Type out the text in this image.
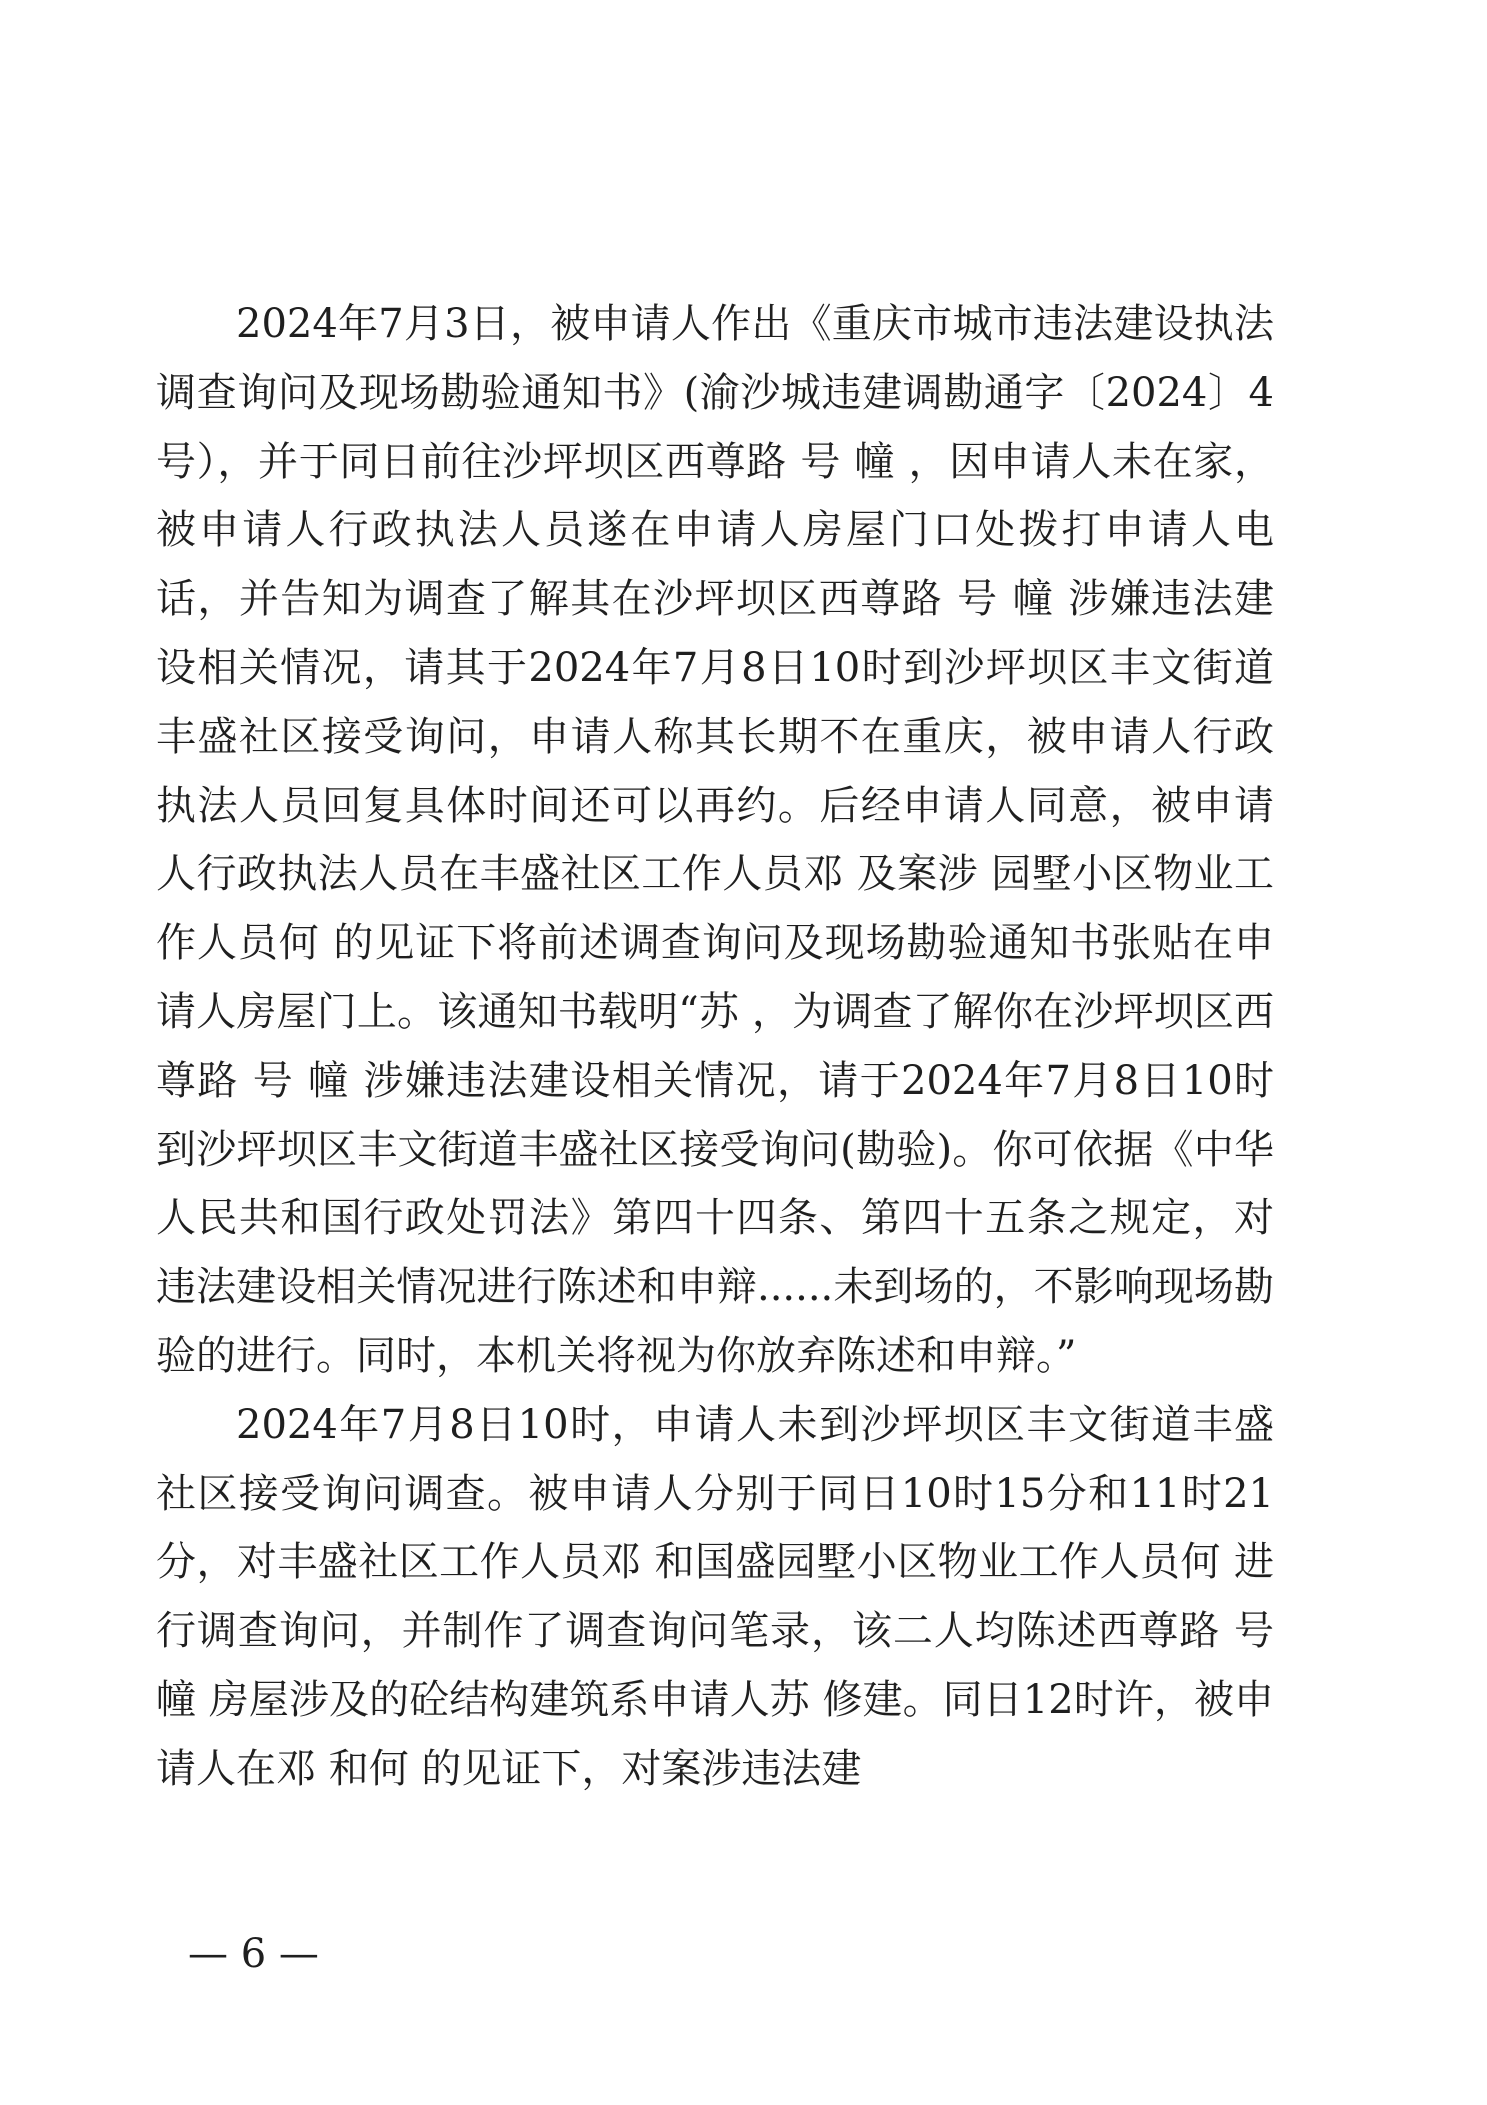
2024年7月3日，被申请人作出《重庆市城市违法建设执法调查询问及现场勘验通知书》(渝沙城违建调勘通字〔2024〕4号），并于同日前往沙坪坝区西尊路 号 幢 ，因申请人未在家，被申请人行政执法人员遂在申请人房屋门口处拨打申请人电话，并告知为调查了解其在沙坪坝区西尊路 号 幢 涉嫌违法建设相关情况，请其于2024年7月8日10时到沙坪坝区丰文街道丰盛社区接受询问，申请人称其长期不在重庆，被申请人行政执法人员回复具体时间还可以再约。后经申请人同意，被申请人行政执法人员在丰盛社区工作人员邓 及案涉 园墅小区物业工作人员何 的见证下将前述调查询问及现场勘验通知书张贴在申请人房屋门上。该通知书载明“苏 ，为调查了解你在沙坪坝区西尊路 号 幢 涉嫌违法建设相关情况，请于2024年7月8日10时到沙坪坝区丰文街道丰盛社区接受询问(勘验)。你可依据《中华人民共和国行政处罚法》第四十四条、第四十五条之规定，对违法建设相关情况进行陈述和申辩......未到场的，不影响现场勘验的进行。同时，本机关将视为你放弃陈述和申辩。”

2024年7月8日10时，申请人未到沙坪坝区丰文街道丰盛社区接受询问调查。被申请人分别于同日10时15分和11时21分，对丰盛社区工作人员邓 和国盛园墅小区物业工作人员何 进行调查询问，并制作了调查询问笔录，该二人均陈述西尊路 号 幢 房屋涉及的砼结构建筑系申请人苏 修建。同日12时许，被申请人在邓 和何 的见证下，对案涉违法建

— 6 —
